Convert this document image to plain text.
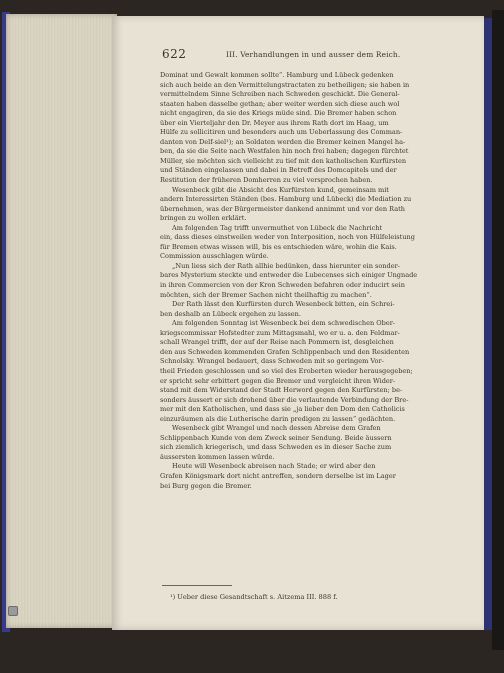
622	III. Verhandlungen in und ausser dem Reich.
Dominat und Gewalt kommen sollte“. Hamburg und Lübeck gedenken
sich auch beide an den Vermittelungstractaten zu betheiligen; sie haben in
vermittelndem Sinne Schreiben nach Schweden geschickt. Die General-
staaten haben dasselbe gethan; aber weiter werden sich diese auch wol
nicht engagiren, da sie des Kriegs müde sind. Die Bremer haben schon
über ein Vierteljahr den Dr. Meyer aus ihrem Rath dort im Haag, um
Hülfe zu sollicitiren und besonders auch um Ueberlassung des Comman-
danten von Delf-siel¹); an Soldaten werden die Bremer keinen Mangel ha-
ben, da sie die Seite nach Westfalen hin noch frei haben; dagegen fürchtet
Müller, sie möchten sich vielleicht zu tief mit den katholischen Kurfürsten
und Ständen eingelassen und dabei in Betreff des Domcapitels und der
Restitution der früheren Domherren zu viel versprochen haben.
Wesenbeck gibt die Absicht des Kurfürsten kund, gemeinsam mit
andern Interessirten Ständen (bes. Hamburg und Lübeck) die Mediation zu
übernehmen, was der Bürgermeister dankend annimmt und vor den Rath
bringen zu wollen erklärt.
Am folgenden Tag trifft unvermuthet von Lübeck die Nachricht
ein, dass dieses einstweilen weder von Interposition, noch von Hülfeleistung
für Bremen etwas wissen will, bis es entschieden wäre, wohin die Kais.
Commission ausschlagen würde.
„Nun liess sich der Rath allhie bedünken, dass hierunter ein sonder-
bares Mysterium steckte und entweder die Lubecenses sich einiger Ungnade
in ihren Commercien von der Kron Schweden befahren oder inducirt sein
möchten, sich der Bremer Sachen nicht theilhaftig zu machen“.
Der Rath lässt den Kurfürsten durch Wesenbeck bitten, ein Schrei-
ben deshalb an Lübeck ergehen zu lassen.
Am folgenden Sonntag ist Wesenbeck bei dem schwedischen Ober-
kriegscommissar Hofstedter zum Mittagsmahl, wo er u. a. den Feldmar-
schall Wrangel trifft, der auf der Reise nach Pommern ist, desgleichen
den aus Schweden kommenden Grafen Schlippenbach und den Residenten
Schnolsky. Wrangel bedauert, dass Schweden mit so geringem Vor-
theil Frieden geschlossen und so viel des Eroberten wieder herausgegeben;
er spricht sehr erbittert gegen die Bremer und vergleicht ihren Wider-
stand mit dem Widerstand der Stadt Herword gegen den Kurfürsten; be-
sonders äussert er sich drohend über die verlautende Verbindung der Bre-
mer mit den Katholischen, und dass sie „ja lieber den Dom den Catholicis
einzuräumen als die Lutherische darin predigen zu lassen“ gedächten.
Wesenbeck gibt Wrangel und nach dessen Abreise dem Grafen
Schlippenbach Kunde von dem Zweck seiner Sendung. Beide äussern
sich ziemlich kriegerisch, und dass Schweden es in dieser Sache zum
äussersten kommen lassen würde.
Heute will Wesenbeck abreisen nach Stade; er wird aber den
Grafen Königsmark dort nicht antreffen, sondern derselbe ist im Lager
bei Burg gegen die Bremer.
¹) Ueber diese Gesandtschaft s. Aitzema III. 888 f.
